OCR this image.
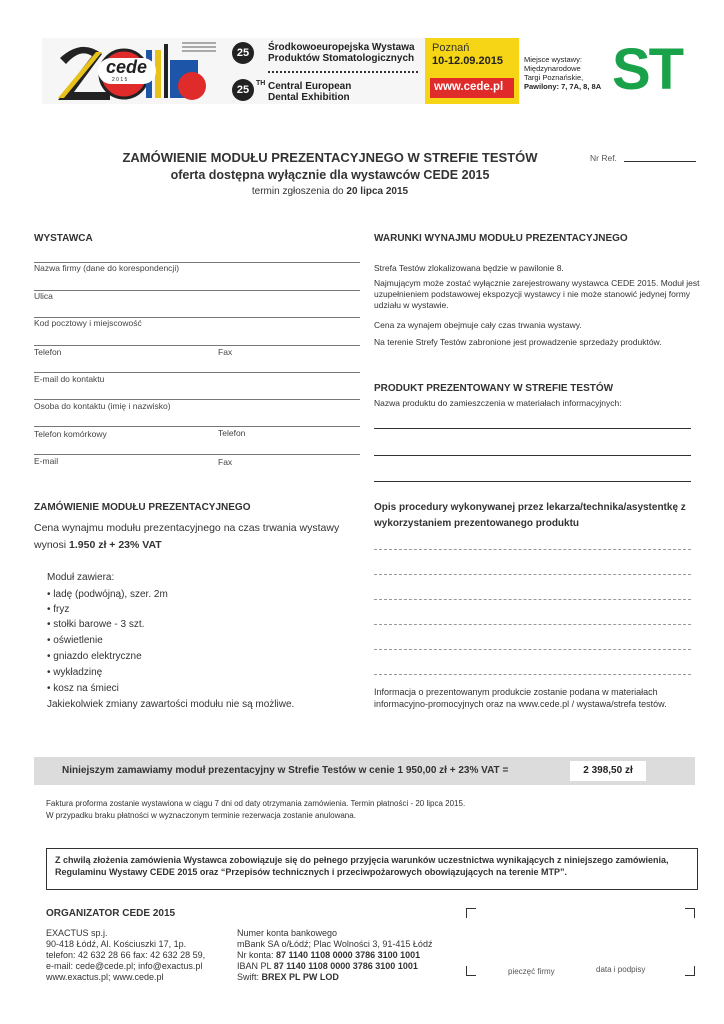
cede
2 0 1 5
25	Środkowoeuropejska Wystawa
Produktów Stomatologicznych
25
TH Central European
Dental Exhibition
Poznań
10-12.09.2015
www.cede.pl
Miejsce wystawy:
Międzynarodowe
Targi Poznańskie,
Pawilony: 7, 7A, 8, 8A ST
ZAMÓWIENIE MODUŁU PREZENTACYJNEGO W STREFIE TESTÓW	Nr Ref.
oferta dostępna wyłącznie dla wystawców CEDE 2015
termin zgłoszenia do 20 lipca 2015
WYSTAWCA
Nazwa firmy (dane do korespondencji)
Ulica
Kod pocztowy i miejscowość
Telefon	Fax
E-mail do kontaktu
Osoba do kontaktu (imię i nazwisko)
Telefon komórkowy	Telefon
E-mail	Fax
WARUNKI WYNAJMU MODUŁU PREZENTACYJNEGO
Strefa Testów zlokalizowana będzie w pawilonie 8.
Najmującym może zostać wyłącznie zarejestrowany wystawca CEDE 2015. Moduł jest uzupełnieniem podstawowej ekspozycji wystawcy i nie może stanowić jedynej formy udziału w wystawie.
Cena za wynajem obejmuje cały czas trwania wystawy.
Na terenie Strefy Testów zabronione jest prowadzenie sprzedaży produktów.
PRODUKT PREZENTOWANY W STREFIE TESTÓW
Nazwa produktu do zamieszczenia w materiałach informacyjnych:
ZAMÓWIENIE MODUŁU PREZENTACYJNEGO
Cena wynajmu modułu prezentacyjnego na czas trwania wystawy wynosi 1.950 zł + 23% VAT
Moduł zawiera:
• ladę (podwójną), szer. 2m
• fryz
• stołki barowe - 3 szt.
• oświetlenie
• gniazdo elektryczne
• wykładzinę
• kosz na śmieci
Jakiekolwiek zmiany zawartości modułu nie są możliwe.
Opis procedury wykonywanej przez lekarza/technika/asystentkę z wykorzystaniem prezentowanego produktu
Informacja o prezentowanym produkcie zostanie podana w materiałach informacyjno-promocyjnych oraz na www.cede.pl / wystawa/strefa testów.
Niniejszym zamawiamy moduł prezentacyjny w Strefie Testów w cenie 1 950,00 zł + 23% VAT =	2 398,50 zł
Faktura proforma zostanie wystawiona w ciągu 7 dni od daty otrzymania zamówienia. Termin płatności - 20 lipca 2015.
W przypadku braku płatności w wyznaczonym terminie rezerwacja zostanie anulowana.
Z chwilą złożenia zamówienia Wystawca zobowiązuje się do pełnego przyjęcia warunków uczestnictwa wynikających z niniejszego zamówienia, Regulaminu Wystawy CEDE 2015 oraz “Przepisów technicznych i przeciwpożarowych obowiązujących na terenie MTP”.
ORGANIZATOR CEDE 2015
EXACTUS sp.j.
90-418 Łódź, Al. Kościuszki 17, 1p.
telefon: 42 632 28 66 fax: 42 632 28 59,
e-mail: cede@cede.pl; info@exactus.pl
www.exactus.pl; www.cede.pl
Numer konta bankowego
mBank SA o/Łódź; Plac Wolności 3, 91-415 Łódź
Nr konta: 87 1140 1108 0000 3786 3100 1001
IBAN PL 87 1140 1108 0000 3786 3100 1001
Swift: BREX PL PW LOD
pieczęć firmy	data i podpisy
